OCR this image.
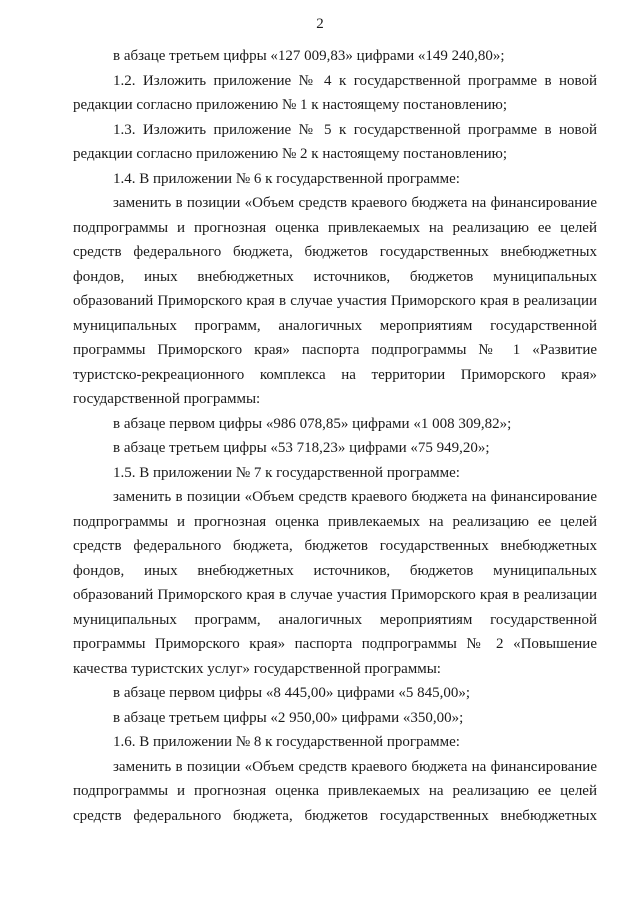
2
в абзаце третьем цифры «127 009,83» цифрами «149 240,80»;
1.2. Изложить приложение № 4 к государственной программе в новой
редакции согласно приложению № 1 к настоящему постановлению;
1.3. Изложить приложение № 5 к государственной программе в новой
редакции согласно приложению № 2 к настоящему постановлению;
1.4. В приложении № 6 к государственной программе:
заменить в позиции «Объем средств краевого бюджета на финансирование
подпрограммы и прогнозная оценка привлекаемых на реализацию ее целей
средств федерального бюджета, бюджетов государственных внебюджетных
фондов, иных внебюджетных источников, бюджетов муниципальных
образований Приморского края в случае участия Приморского края в реализации
муниципальных программ, аналогичных мероприятиям государственной
программы Приморского края» паспорта подпрограммы № 1 «Развитие
туристско-рекреационного комплекса на территории Приморского края»
государственной программы:
в абзаце первом цифры «986 078,85» цифрами «1 008 309,82»;
в абзаце третьем цифры «53 718,23» цифрами «75 949,20»;
1.5. В приложении № 7 к государственной программе:
заменить в позиции «Объем средств краевого бюджета на финансирование
подпрограммы и прогнозная оценка привлекаемых на реализацию ее целей
средств федерального бюджета, бюджетов государственных внебюджетных
фондов, иных внебюджетных источников, бюджетов муниципальных
образований Приморского края в случае участия Приморского края в реализации
муниципальных программ, аналогичных мероприятиям государственной
программы Приморского края» паспорта подпрограммы № 2 «Повышение
качества туристских услуг» государственной программы:
в абзаце первом цифры «8 445,00» цифрами «5 845,00»;
в абзаце третьем цифры «2 950,00» цифрами «350,00»;
1.6. В приложении № 8 к государственной программе:
заменить в позиции «Объем средств краевого бюджета на финансирование
подпрограммы и прогнозная оценка привлекаемых на реализацию ее целей
средств федерального бюджета, бюджетов государственных внебюджетных
